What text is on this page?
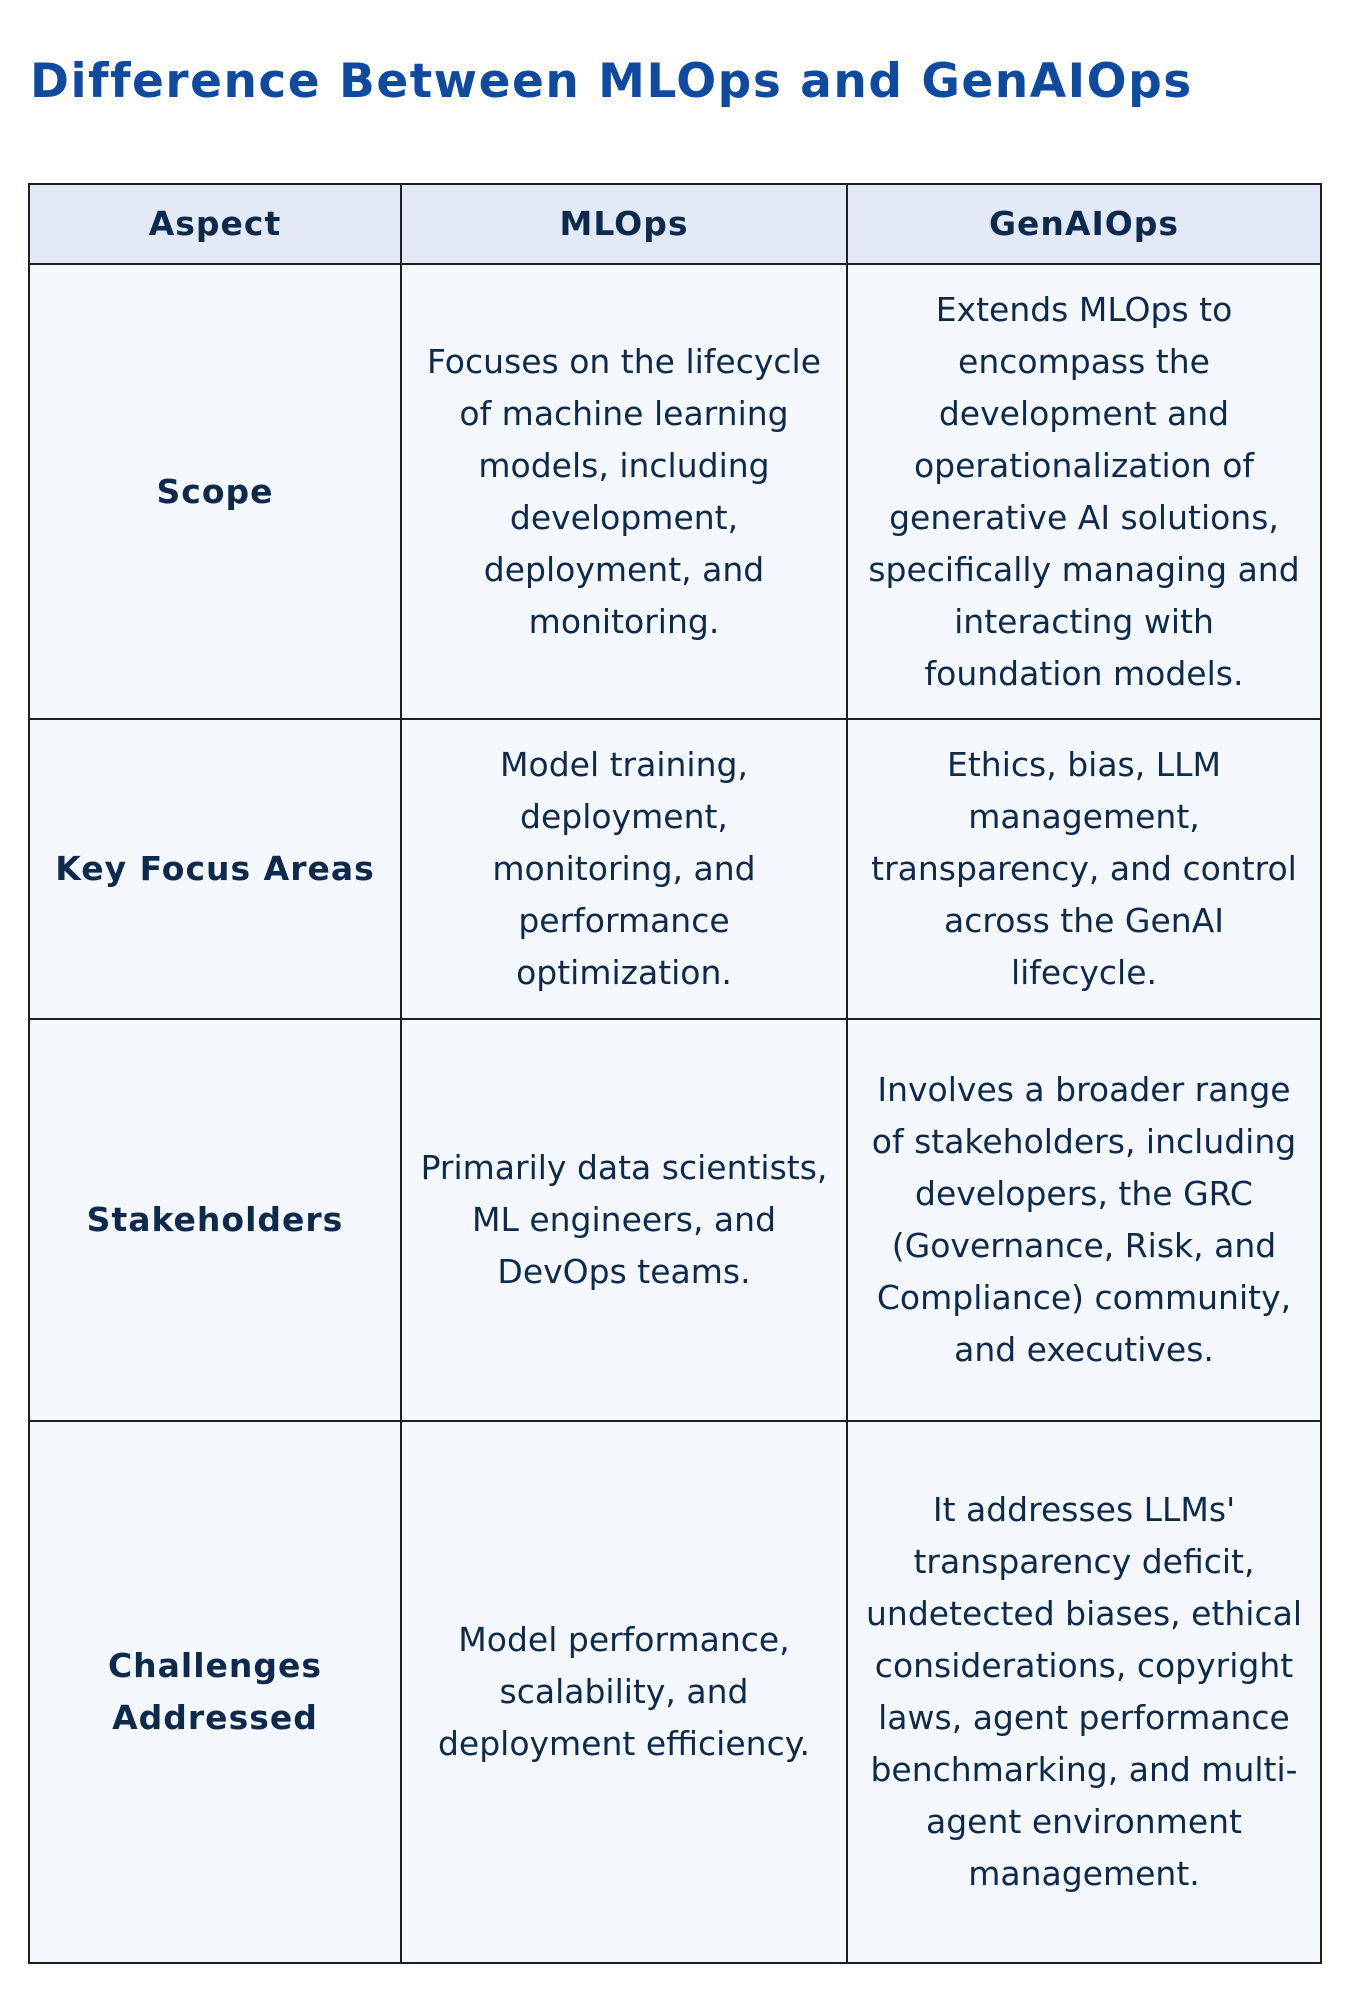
Difference Between MLOps and GenAIOps
Aspect	MLOps	GenAIOps
Scope	Focuses on the lifecycle of machine learning models, including development, deployment, and monitoring.	Extends MLOps to encompass the development and operationalization of generative AI solutions, specifically managing and interacting with foundation models.
Key Focus Areas	Model training, deployment, monitoring, and performance optimization.	Ethics, bias, LLM management, transparency, and control across the GenAI lifecycle.
Stakeholders	Primarily data scientists, ML engineers, and DevOps teams.	Involves a broader range of stakeholders, including developers, the GRC (Governance, Risk, and Compliance) community, and executives.
Challenges Addressed	Model performance, scalability, and deployment efficiency.	It addresses LLMs' transparency deficit, undetected biases, ethical considerations, copyright laws, agent performance benchmarking, and multi-agent environment management.
